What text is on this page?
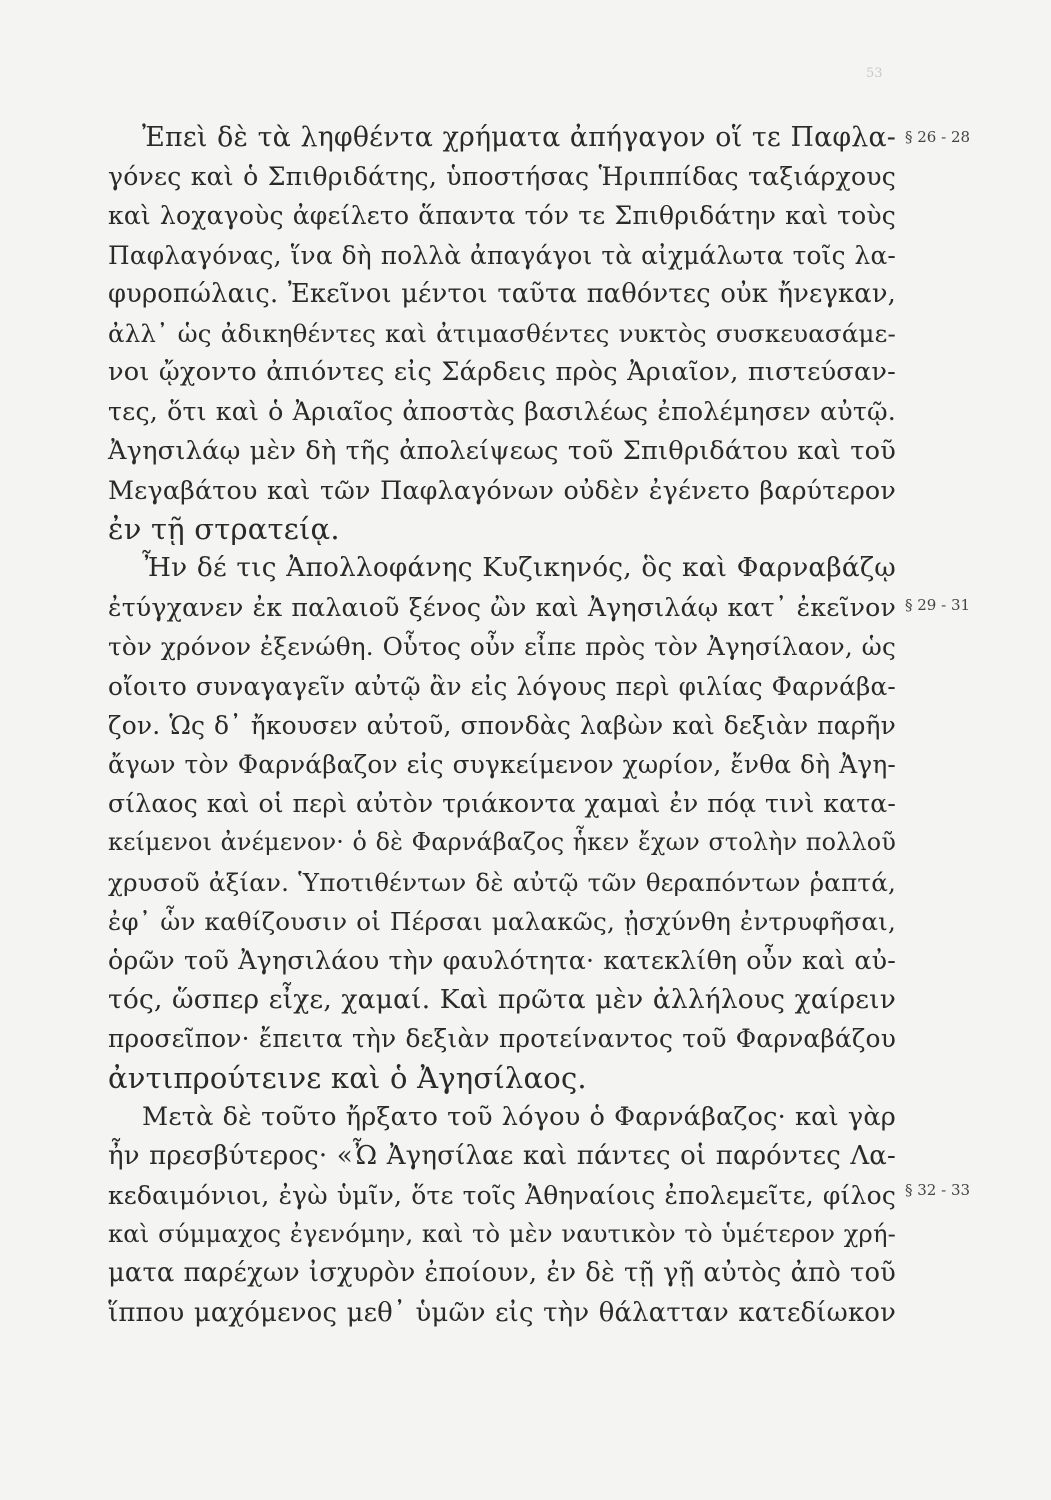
53
Ἐπεὶ δὲ τὰ ληφθέντα χρήματα ἀπήγαγον οἵ τε Παφλα-
γόνες καὶ ὁ Σπιθριδάτης, ὑποστήσας Ἡριππίδας ταξιάρχους
καὶ λοχαγοὺς ἀφείλετο ἅπαντα τόν τε Σπιθριδάτην καὶ τοὺς
Παφλαγόνας, ἵνα δὴ πολλὰ ἀπαγάγοι τὰ αἰχμάλωτα τοῖς λα-
φυροπώλαις. Ἐκεῖνοι μέντοι ταῦτα παθόντες οὐκ ἤνεγκαν,
ἀλλ᾽ ὡς ἀδικηθέντες καὶ ἀτιμασθέντες νυκτὸς συσκευασάμε-
νοι ᾤχοντο ἀπιόντες εἰς Σάρδεις πρὸς Ἀριαῖον, πιστεύσαν-
τες, ὅτι καὶ ὁ Ἀριαῖος ἀποστὰς βασιλέως ἐπολέμησεν αὐτῷ.
Ἀγησιλάῳ μὲν δὴ τῆς ἀπολείψεως τοῦ Σπιθριδάτου καὶ τοῦ
Μεγαβάτου καὶ τῶν Παφλαγόνων οὐδὲν ἐγένετο βαρύτερον
ἐν τῇ στρατείᾳ.
Ἦν δέ τις Ἀπολλοφάνης Κυζικηνός, ὃς καὶ Φαρναβάζῳ
ἐτύγχανεν ἐκ παλαιοῦ ξένος ὢν καὶ Ἀγησιλάῳ κατ᾽ ἐκεῖνον
τὸν χρόνον ἐξενώθη. Οὗτος οὖν εἶπε πρὸς τὸν Ἀγησίλαον, ὡς
οἴοιτο συναγαγεῖν αὐτῷ ἂν εἰς λόγους περὶ φιλίας Φαρνάβα-
ζον. Ὡς δ᾽ ἤκουσεν αὐτοῦ, σπονδὰς λαβὼν καὶ δεξιὰν παρῆν
ἄγων τὸν Φαρνάβαζον εἰς συγκείμενον χωρίον, ἔνθα δὴ Ἀγη-
σίλαος καὶ οἱ περὶ αὐτὸν τριάκοντα χαμαὶ ἐν πόᾳ τινὶ κατα-
κείμενοι ἀνέμενον· ὁ δὲ Φαρνάβαζος ἧκεν ἔχων στολὴν πολλοῦ
χρυσοῦ ἀξίαν. Ὑποτιθέντων δὲ αὐτῷ τῶν θεραπόντων ῥαπτά,
ἐφ᾽ ὧν καθίζουσιν οἱ Πέρσαι μαλακῶς, ᾐσχύνθη ἐντρυφῆσαι,
ὁρῶν τοῦ Ἀγησιλάου τὴν φαυλότητα· κατεκλίθη οὖν καὶ αὐ-
τός, ὥσπερ εἶχε, χαμαί. Καὶ πρῶτα μὲν ἀλλήλους χαίρειν
προσεῖπον· ἔπειτα τὴν δεξιὰν προτείναντος τοῦ Φαρναβάζου
ἀντιπρούτεινε καὶ ὁ Ἀγησίλαος.
Μετὰ δὲ τοῦτο ἤρξατο τοῦ λόγου ὁ Φαρνάβαζος· καὶ γὰρ
ἦν πρεσβύτερος· «Ὦ Ἀγησίλαε καὶ πάντες οἱ παρόντες Λα-
κεδαιμόνιοι, ἐγὼ ὑμῖν, ὅτε τοῖς Ἀθηναίοις ἐπολεμεῖτε, φίλος
καὶ σύμμαχος ἐγενόμην, καὶ τὸ μὲν ναυτικὸν τὸ ὑμέτερον χρή-
ματα παρέχων ἰσχυρὸν ἐποίουν, ἐν δὲ τῇ γῇ αὐτὸς ἀπὸ τοῦ
ἵππου μαχόμενος μεθ᾽ ὑμῶν εἰς τὴν θάλατταν κατεδίωκον
§ 26 - 28
§ 29 - 31
§ 32 - 33
